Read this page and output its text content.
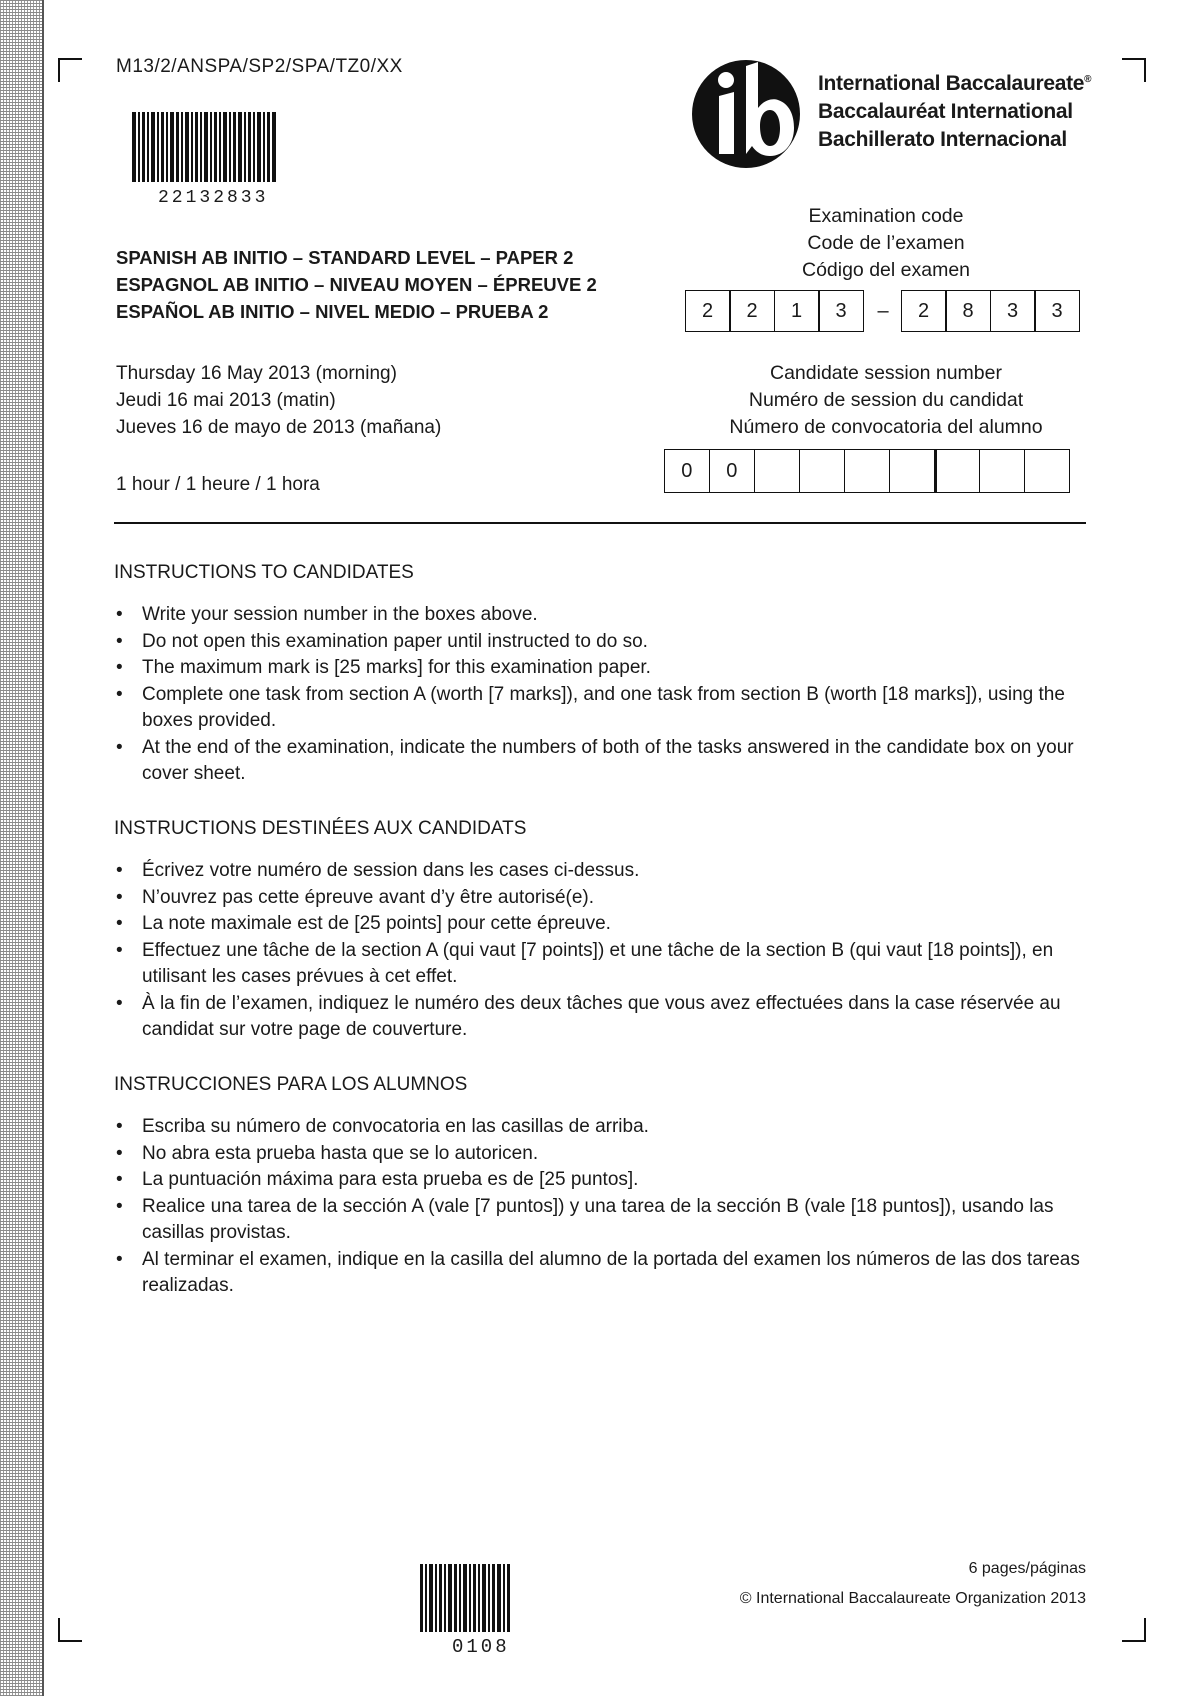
M13/2/ANSPA/SP2/SPA/TZ0/XX
22132833
SPANISH AB INITIO – STANDARD LEVEL – PAPER 2
ESPAGNOL AB INITIO – NIVEAU MOYEN – ÉPREUVE 2
ESPAÑOL AB INITIO – NIVEL MEDIO – PRUEBA 2
Thursday 16 May 2013 (morning)
Jeudi 16 mai 2013 (matin)
Jueves 16 de mayo de 2013 (mañana)
1 hour / 1 heure / 1 hora
International Baccalaureate®
Baccalauréat International
Bachillerato Internacional
Examination code
Code de l’examen
Código del examen
2	2	1	3	–	2	8	3	3
Candidate session number
Numéro de session du candidat
Número de convocatoria del alumno
0	0
INSTRUCTIONS TO CANDIDATES
• Write your session number in the boxes above.
• Do not open this examination paper until instructed to do so.
• The maximum mark is [25 marks] for this examination paper.
• Complete one task from section A (worth [7 marks]), and one task from section B (worth [18 marks]), using the boxes provided.
• At the end of the examination, indicate the numbers of both of the tasks answered in the candidate box on your cover sheet.
INSTRUCTIONS DESTINÉES AUX CANDIDATS
• Écrivez votre numéro de session dans les cases ci-dessus.
• N’ouvrez pas cette épreuve avant d’y être autorisé(e).
• La note maximale est de [25 points] pour cette épreuve.
• Effectuez une tâche de la section A (qui vaut [7 points]) et une tâche de la section B (qui vaut [18 points]), en utilisant les cases prévues à cet effet.
• À la fin de l’examen, indiquez le numéro des deux tâches que vous avez effectuées dans la case réservée au candidat sur votre page de couverture.
INSTRUCCIONES PARA LOS ALUMNOS
• Escriba su número de convocatoria en las casillas de arriba.
• No abra esta prueba hasta que se lo autoricen.
• La puntuación máxima para esta prueba es de [25 puntos].
• Realice una tarea de la sección A (vale [7 puntos]) y una tarea de la sección B (vale [18 puntos]), usando las casillas provistas.
• Al terminar el examen, indique en la casilla del alumno de la portada del examen los números de las dos tareas realizadas.
6 pages/páginas
© International Baccalaureate Organization 2013
0108
